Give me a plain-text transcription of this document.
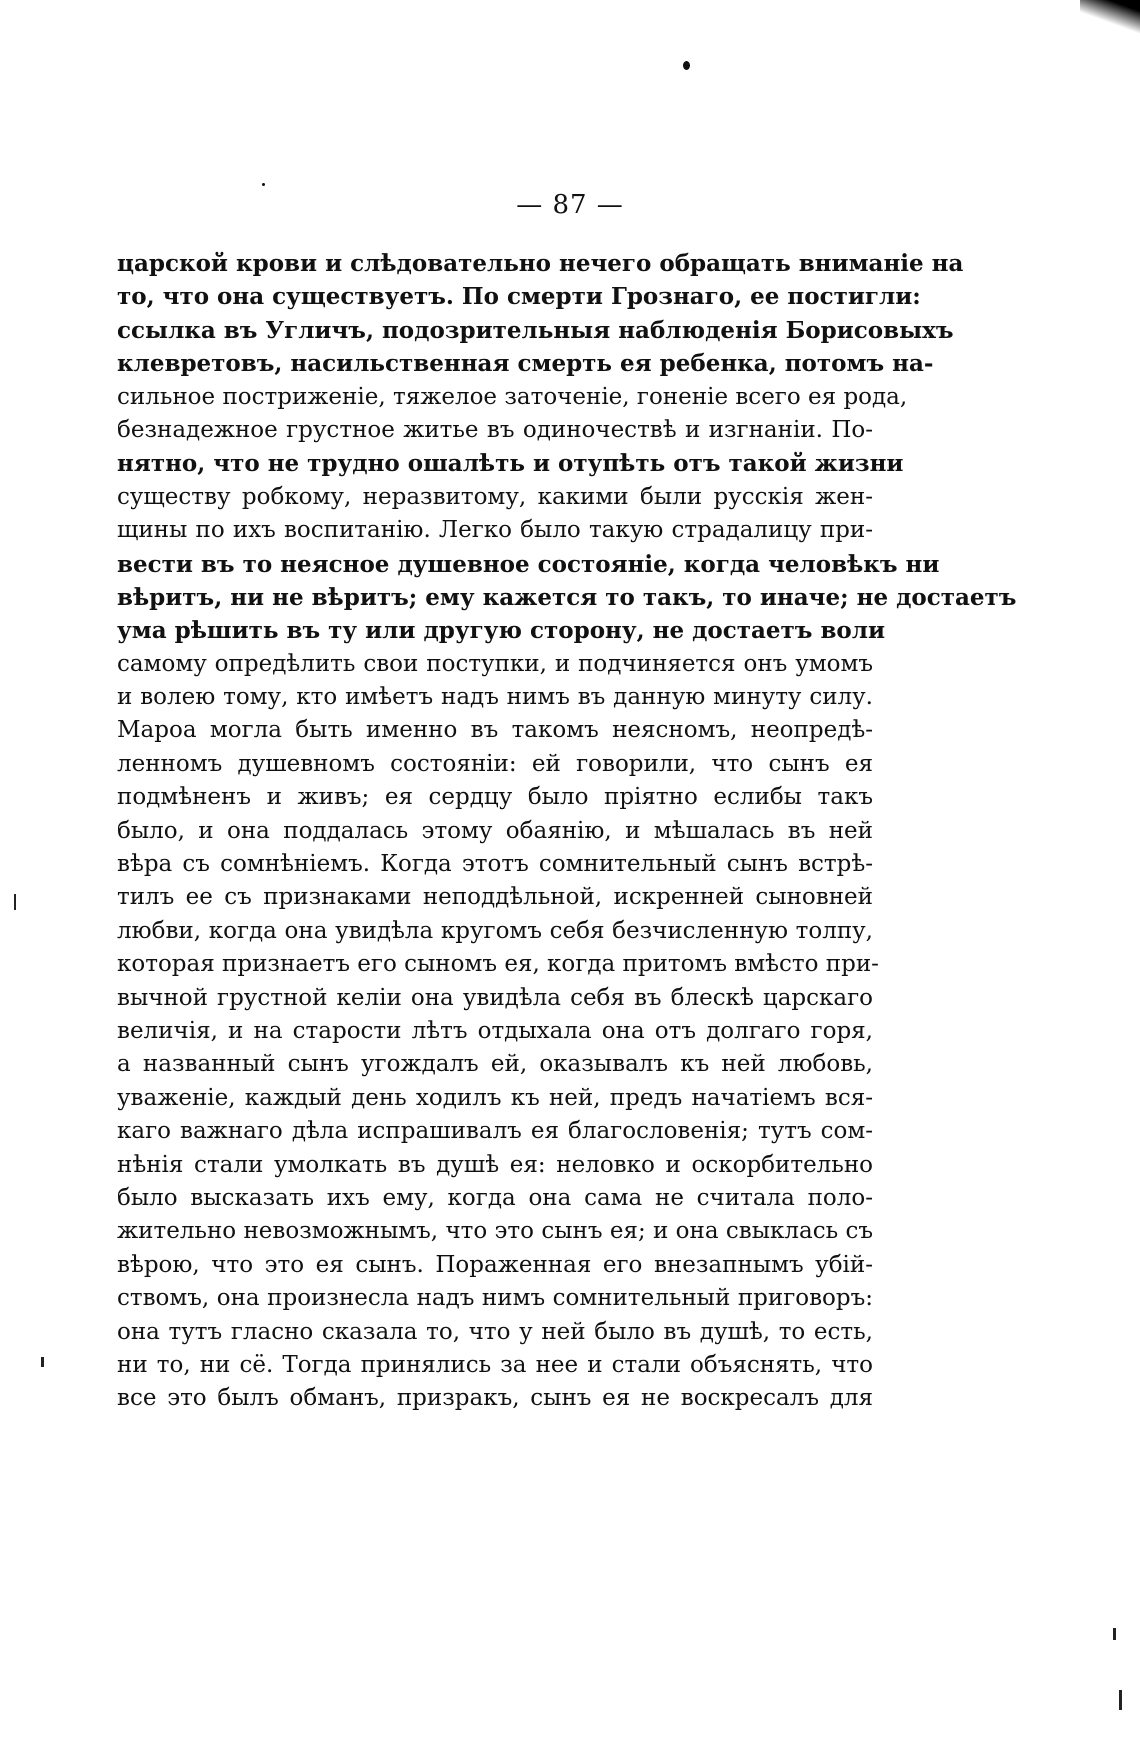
— 87 —
царской крови и слѣдовательно нечего обращать вниманіе на
то, что она существуетъ. По смерти Грознаго, ее постигли:
ссылка въ Угличъ, подозрительныя наблюденія Борисовыхъ
клевретовъ, насильственная смерть ея ребенка, потомъ на-
сильное постриженіе, тяжелое заточеніе, гоненіе всего ея рода,
безнадежное грустное житье въ одиночествѣ и изгнаніи. По-
нятно, что не трудно ошалѣть и отупѣть отъ такой жизни
существу робкому, неразвитому, какими были русскія жен-
щины по ихъ воспитанію. Легко было такую страдалицу при-
вести въ то неясное душевное состояніе, когда человѣкъ ни
вѣритъ, ни не вѣритъ; ему кажется то такъ, то иначе; не достаетъ
ума рѣшить въ ту или другую сторону, не достаетъ воли
самому опредѣлить свои поступки, и подчиняется онъ умомъ
и волею тому, кто имѣетъ надъ нимъ въ данную минуту силу.
Мароа могла быть именно въ такомъ неясномъ, неопредѣ-
ленномъ душевномъ состояніи: ей говорили, что сынъ ея
подмѣненъ и живъ; ея сердцу было пріятно еслибы такъ
было, и она поддалась этому обаянію, и мѣшалась въ ней
вѣра съ сомнѣніемъ. Когда этотъ сомнительный сынъ встрѣ-
тилъ ее съ признаками неподдѣльной, искренней сыновней
любви, когда она увидѣла кругомъ себя безчисленную толпу,
которая признаетъ его сыномъ ея, когда притомъ вмѣсто при-
вычной грустной келіи она увидѣла себя въ блескѣ царскаго
величія, и на старости лѣтъ отдыхала она отъ долгаго горя,
а названный сынъ угождалъ ей, оказывалъ къ ней любовь,
уваженіе, каждый день ходилъ къ ней, предъ начатіемъ вся-
каго важнаго дѣла испрашивалъ ея благословенія; тутъ сом-
нѣнія стали умолкать въ душѣ ея: неловко и оскорбительно
было высказать ихъ ему, когда она сама не считала поло-
жительно невозможнымъ, что это сынъ ея; и она свыклась съ
вѣрою, что это ея сынъ. Пораженная его внезапнымъ убій-
ствомъ, она произнесла надъ нимъ сомнительный приговоръ:
она тутъ гласно сказала то, что у ней было въ душѣ, то есть,
ни то, ни сё. Тогда принялись за нее и стали объяснять, что
все это былъ обманъ, призракъ, сынъ ея не воскресалъ для
